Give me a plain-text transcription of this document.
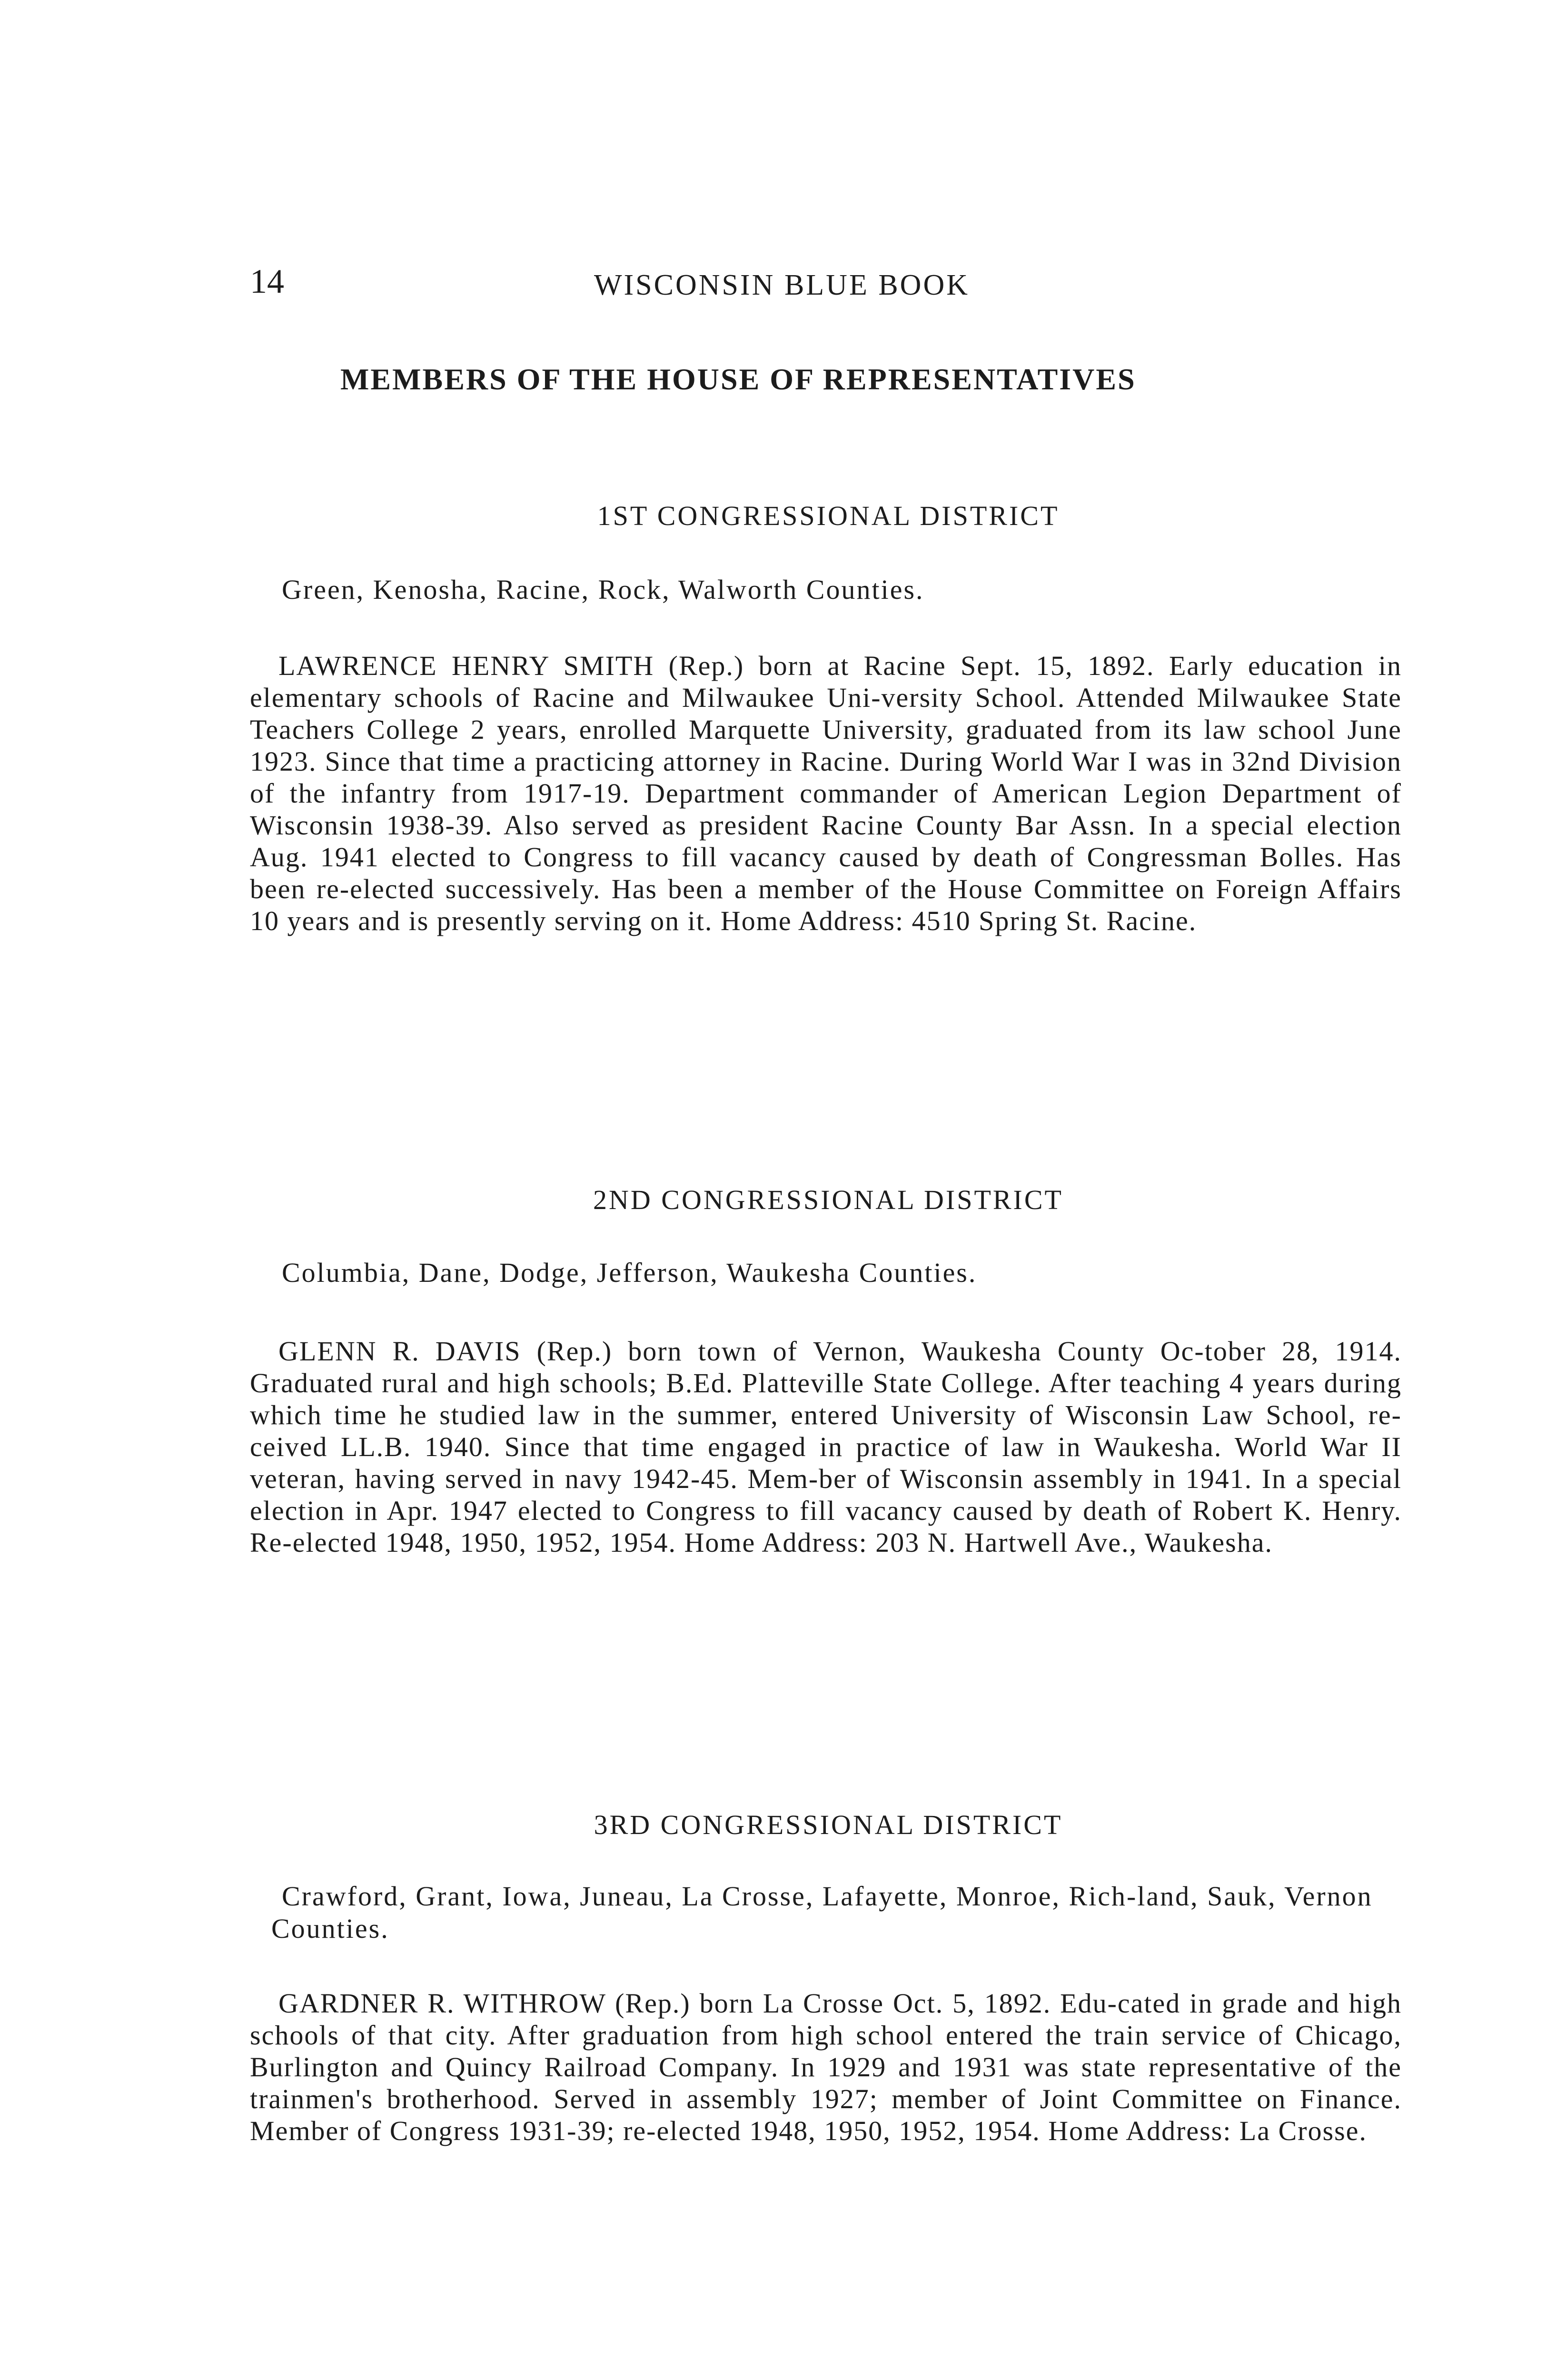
14	WISCONSIN BLUE BOOK
MEMBERS OF THE HOUSE OF REPRESENTATIVES
1ST CONGRESSIONAL DISTRICT
Green, Kenosha, Racine, Rock, Walworth Counties.
LAWRENCE HENRY SMITH (Rep.) born at Racine Sept. 15, 1892. Early education in elementary schools of Racine and Milwaukee Uni-versity School. Attended Milwaukee State Teachers College 2 years, enrolled Marquette University, graduated from its law school June 1923. Since that time a practicing attorney in Racine. During World War I was in 32nd Division of the infantry from 1917-19. Department commander of American Legion Department of Wisconsin 1938-39. Also served as president Racine County Bar Assn. In a special election Aug. 1941 elected to Congress to fill vacancy caused by death of Congressman Bolles. Has been re-elected successively. Has been a member of the House Committee on Foreign Affairs 10 years and is presently serving on it. Home Address: 4510 Spring St. Racine.
2ND CONGRESSIONAL DISTRICT
Columbia, Dane, Dodge, Jefferson, Waukesha Counties.
GLENN R. DAVIS (Rep.) born town of Vernon, Waukesha County Oc-tober 28, 1914. Graduated rural and high schools; B.Ed. Platteville State College. After teaching 4 years during which time he studied law in the summer, entered University of Wisconsin Law School, re-ceived LL.B. 1940. Since that time engaged in practice of law in Waukesha. World War II veteran, having served in navy 1942-45. Mem-ber of Wisconsin assembly in 1941. In a special election in Apr. 1947 elected to Congress to fill vacancy caused by death of Robert K. Henry. Re-elected 1948, 1950, 1952, 1954. Home Address: 203 N. Hartwell Ave., Waukesha.
3RD CONGRESSIONAL DISTRICT
Crawford, Grant, Iowa, Juneau, La Crosse, Lafayette, Monroe, Rich-land, Sauk, Vernon Counties.
GARDNER R. WITHROW (Rep.) born La Crosse Oct. 5, 1892. Edu-cated in grade and high schools of that city. After graduation from high school entered the train service of Chicago, Burlington and Quincy Railroad Company. In 1929 and 1931 was state representative of the trainmen's brotherhood. Served in assembly 1927; member of Joint Committee on Finance. Member of Congress 1931-39; re-elected 1948, 1950, 1952, 1954. Home Address: La Crosse.
